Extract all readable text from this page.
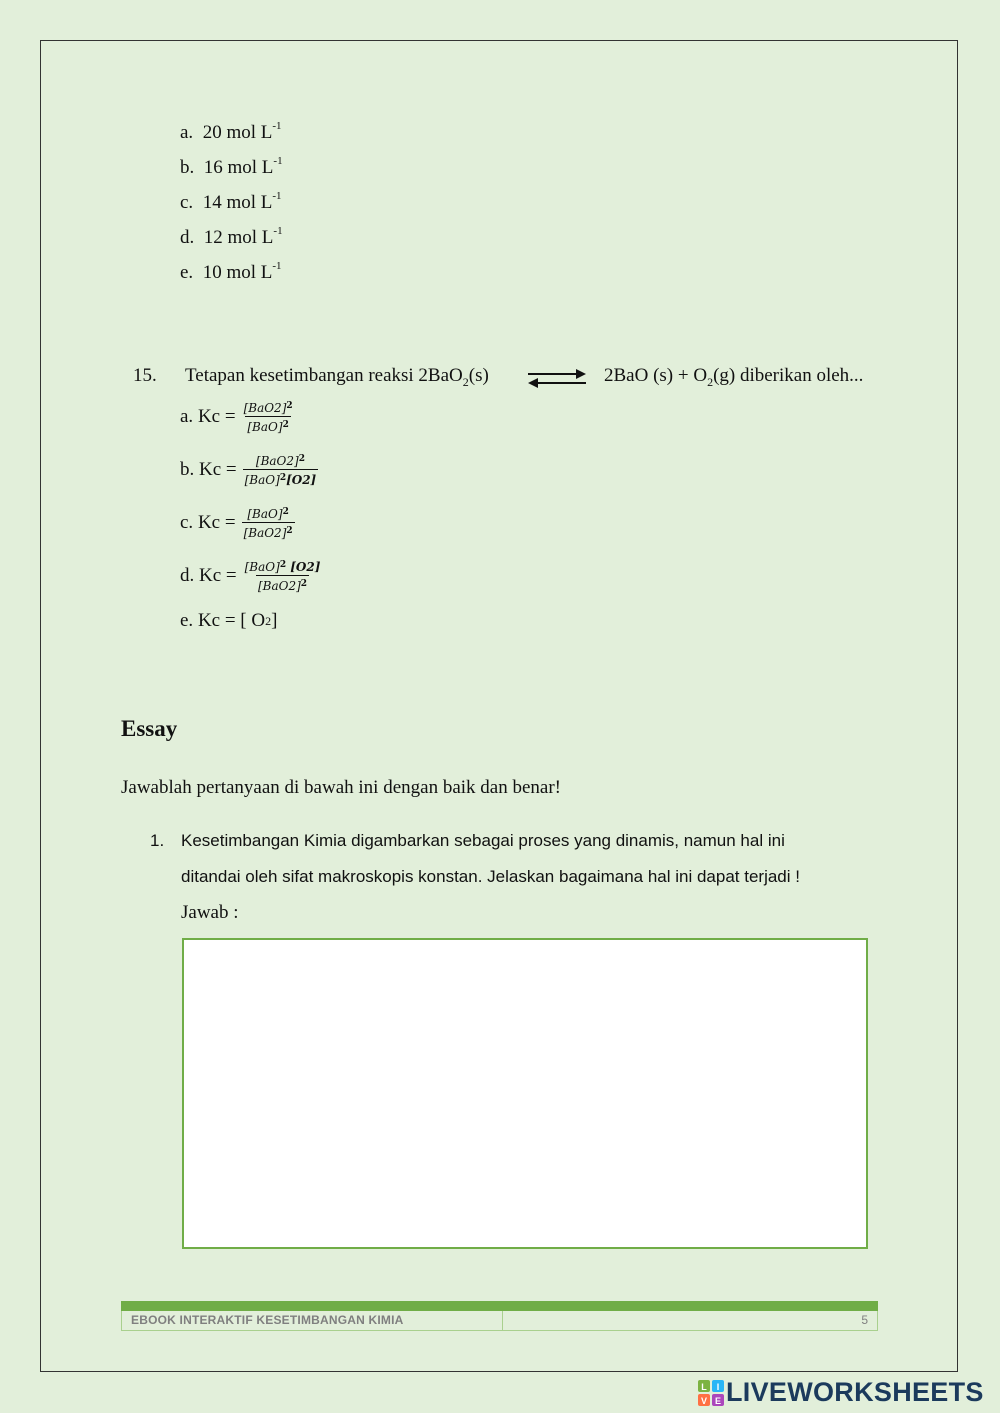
a. 20 mol $L^{-1}$
b. 16 mol $L^{-1}$
c. 14 mol $L^{-1}$
d. 12 mol $L^{-1}$
e. 10 mol $L^{-1}$
15. Tetapan kesetimbangan reaksi 2BaO$_2$(s) ⇌ 2BaO $(s) + O_2(g)$ diberikan oleh...
a.
$Kc = \frac{[BaO2]^2}{[BaO]^2}$
b.
$Kc = \frac{[BaO2]^2}{[BaO]^2[O2]}$
c.
$Kc = \frac{[BaO]^2}{[BaO2]^2}$
d.
$Kc = \frac{[BaO]^2 [O2]}{[BaO2]^2}$
e.
Kc = [ O 2 ]
Essay
Jawablah pertanyaan di bawah ini dengan baik dan benar!
1. Kesetimbangan Kimia digambarkan sebagai proses yang dinamis, namun hal ini
ditandai oleh sifat makroskopis konstan. Jelaskan bagaimana hal ini dapat terjadi !
Jawab :
EBOOK INTERAKTIF KESETIMBANGAN KIMIA	5
L I
V E LIVEWORKSHEETS
